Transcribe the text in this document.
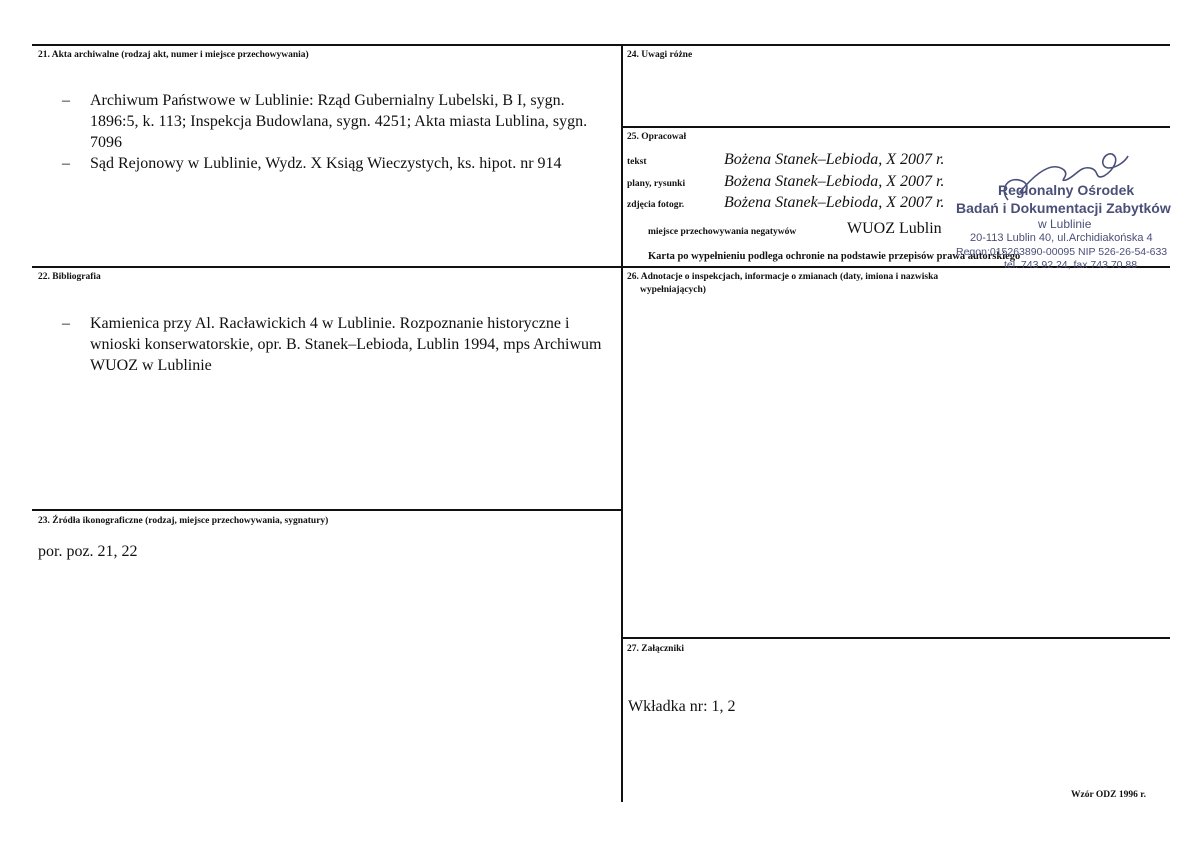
21. Akta archiwalne (rodzaj akt, numer i miejsce przechowywania)
– Archiwum Państwowe w Lublinie: Rząd Gubernialny Lubelski, B I, sygn. 1896:5, k. 113; Inspekcja Budowlana, sygn. 4251; Akta miasta Lublina, sygn. 7096
– Sąd Rejonowy w Lublinie, Wydz. X Ksiąg Wieczystych, ks. hipot. nr 914
22. Bibliografia
– Kamienica przy Al. Racławickich 4 w Lublinie. Rozpoznanie historyczne i wnioski konserwatorskie, opr. B. Stanek–Lebioda, Lublin 1994, mps Archiwum WUOZ w Lublinie
23. Źródła ikonograficzne (rodzaj, miejsce przechowywania, sygnatury)
por. poz. 21, 22
24. Uwagi różne
25. Opracował
tekst	Bożena Stanek–Lebioda, X 2007 r.
plany, rysunki Bożena Stanek–Lebioda, X 2007 r.
zdjęcia fotogr. Bożena Stanek–Lebioda, X 2007 r.
miejsce przechowywania negatywów	WUOZ Lublin
Karta po wypełnieniu podlega ochronie na podstawie przepisów prawa autorskiego
Regionalny Ośrodek
Badań i Dokumentacji Zabytków
w Lublinie
20-113 Lublin 40, ul.Archidiakońska 4
Regon:015263890-00095 NIP 526-26-54-633
tel. 743 92 24, fax 743 70 88
26. Adnotacje o inspekcjach, informacje o zmianach (daty, imiona i nazwiska
wypełniających)
27. Załączniki
Wkładka nr: 1, 2
Wzór ODZ 1996 r.
